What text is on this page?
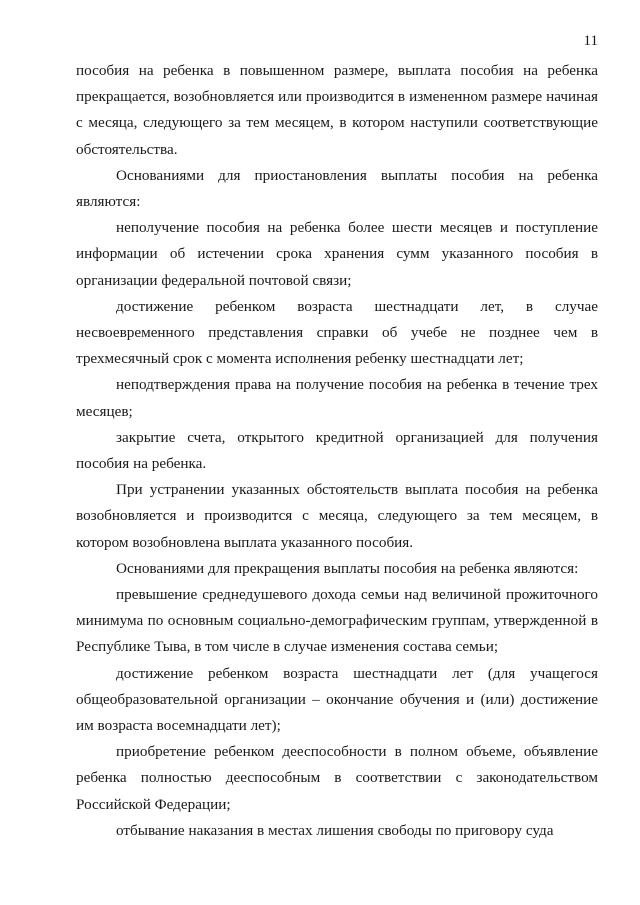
11

пособия на ребенка в повышенном размере, выплата пособия на ребенка прекращается, возобновляется или производится в измененном размере начиная с месяца, следующего за тем месяцем, в котором наступили соответствующие обстоятельства.

Основаниями для приостановления выплаты пособия на ребенка являются:

неполучение пособия на ребенка более шести месяцев и поступление информации об истечении срока хранения сумм указанного пособия в организации федеральной почтовой связи;

достижение ребенком возраста шестнадцати лет, в случае несвоевременного представления справки об учебе не позднее чем в трехмесячный срок с момента исполнения ребенку шестнадцати лет;

неподтверждения права на получение пособия на ребенка в течение трех месяцев;

закрытие счета, открытого кредитной организацией для получения пособия на ребенка.

При устранении указанных обстоятельств выплата пособия на ребенка возобновляется и производится с месяца, следующего за тем месяцем, в котором возобновлена выплата указанного пособия.

Основаниями для прекращения выплаты пособия на ребенка являются:

превышение среднедушевого дохода семьи над величиной прожиточного минимума по основным социально-демографическим группам, утвержденной в Республике Тыва, в том числе в случае изменения состава семьи;

достижение ребенком возраста шестнадцати лет (для учащегося общеобразовательной организации – окончание обучения и (или) достижение им возраста восемнадцати лет);

приобретение ребенком дееспособности в полном объеме, объявление ребенка полностью дееспособным в соответствии с законодательством Российской Федерации;

отбывание наказания в местах лишения свободы по приговору суда
